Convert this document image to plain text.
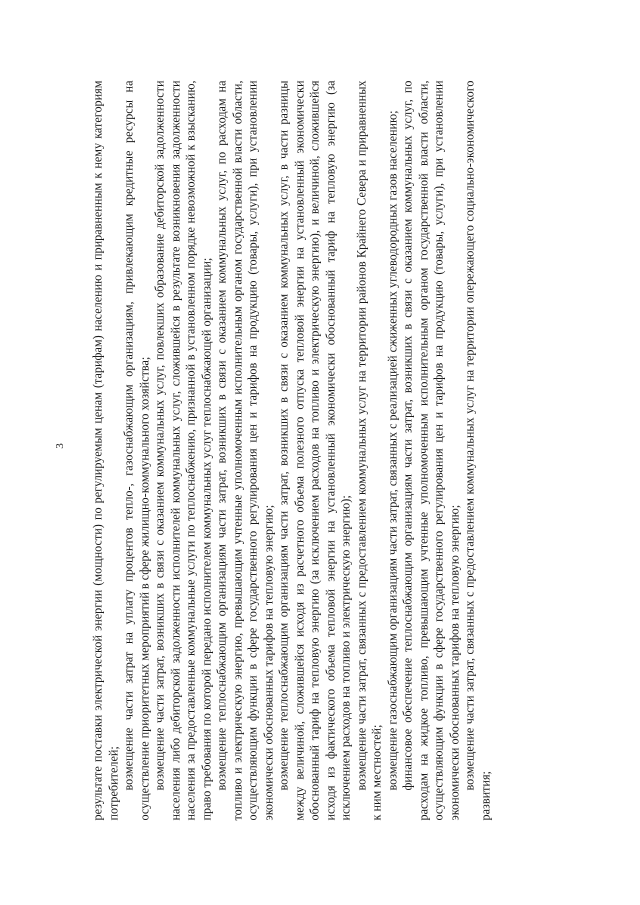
3 результате поставки электрической энергии (мощности) по регулируемым ценам (тарифам) населению и приравненным к нему категориям потребителей; возмещение части затрат на уплату процентов тепло-, газоснабжающим организациям, привлекающим кредитные ресурсы на осуществление приоритетных мероприятий в сфере жилищно-коммунального хозяйства; возмещение части затрат, возникших в связи с оказанием коммунальных услуг, повлекших образование дебиторской задолженности населения либо дебиторской задолженности исполнителей коммунальных услуг, сложившейся в результате возникновения задолженности населения за предоставленные коммунальные услуги по теплоснабжению, признанной в установленном порядке невозможной к взысканию, право требования по которой передано исполнителем коммунальных услуг теплоснабжающей организации; возмещение теплоснабжающим организациям части затрат, возникших в связи с оказанием коммунальных услуг, по расходам на топливо и электрическую энергию, превышающим учтенные уполномоченным исполнительным органом государственной власти области, осуществляющим функции в сфере государственного регулирования цен и тарифов на продукцию (товары, услуги), при установлении экономически обоснованных тарифов на тепловую энергию; возмещение теплоснабжающим организациям части затрат, возникших в связи с оказанием коммунальных услуг, в части разницы между величиной, сложившейся исходя из расчетного объема полезного отпуска тепловой энергии на установленный экономически обоснованный тариф на тепловую энергию (за исключением расходов на топливо и электрическую энергию), и величиной, сложившейся исходя из фактического объема тепловой энергии на установленный экономически обоснованный тариф на тепловую энергию (за исключением расходов на топливо и электрическую энергию); возмещение части затрат, связанных с предоставлением коммунальных услуг на территории районов Крайнего Севера и приравненных к ним местностей; возмещение газоснабжающим организациям части затрат, связанных с реализацией сжиженных углеводородных газов населению; финансовое обеспечение теплоснабжающим организациям части затрат, возникших в связи с оказанием коммунальных услуг, по расходам на жидкое топливо, превышающим учтенные уполномоченным исполнительным органом государственной власти области, осуществляющим функции в сфере государственного регулирования цен и тарифов на продукцию (товары, услуги), при установлении экономически обоснованных тарифов на тепловую энергию; возмещение части затрат, связанных с предоставлением коммунальных услуг на территории опережающего социально-экономического развития;
